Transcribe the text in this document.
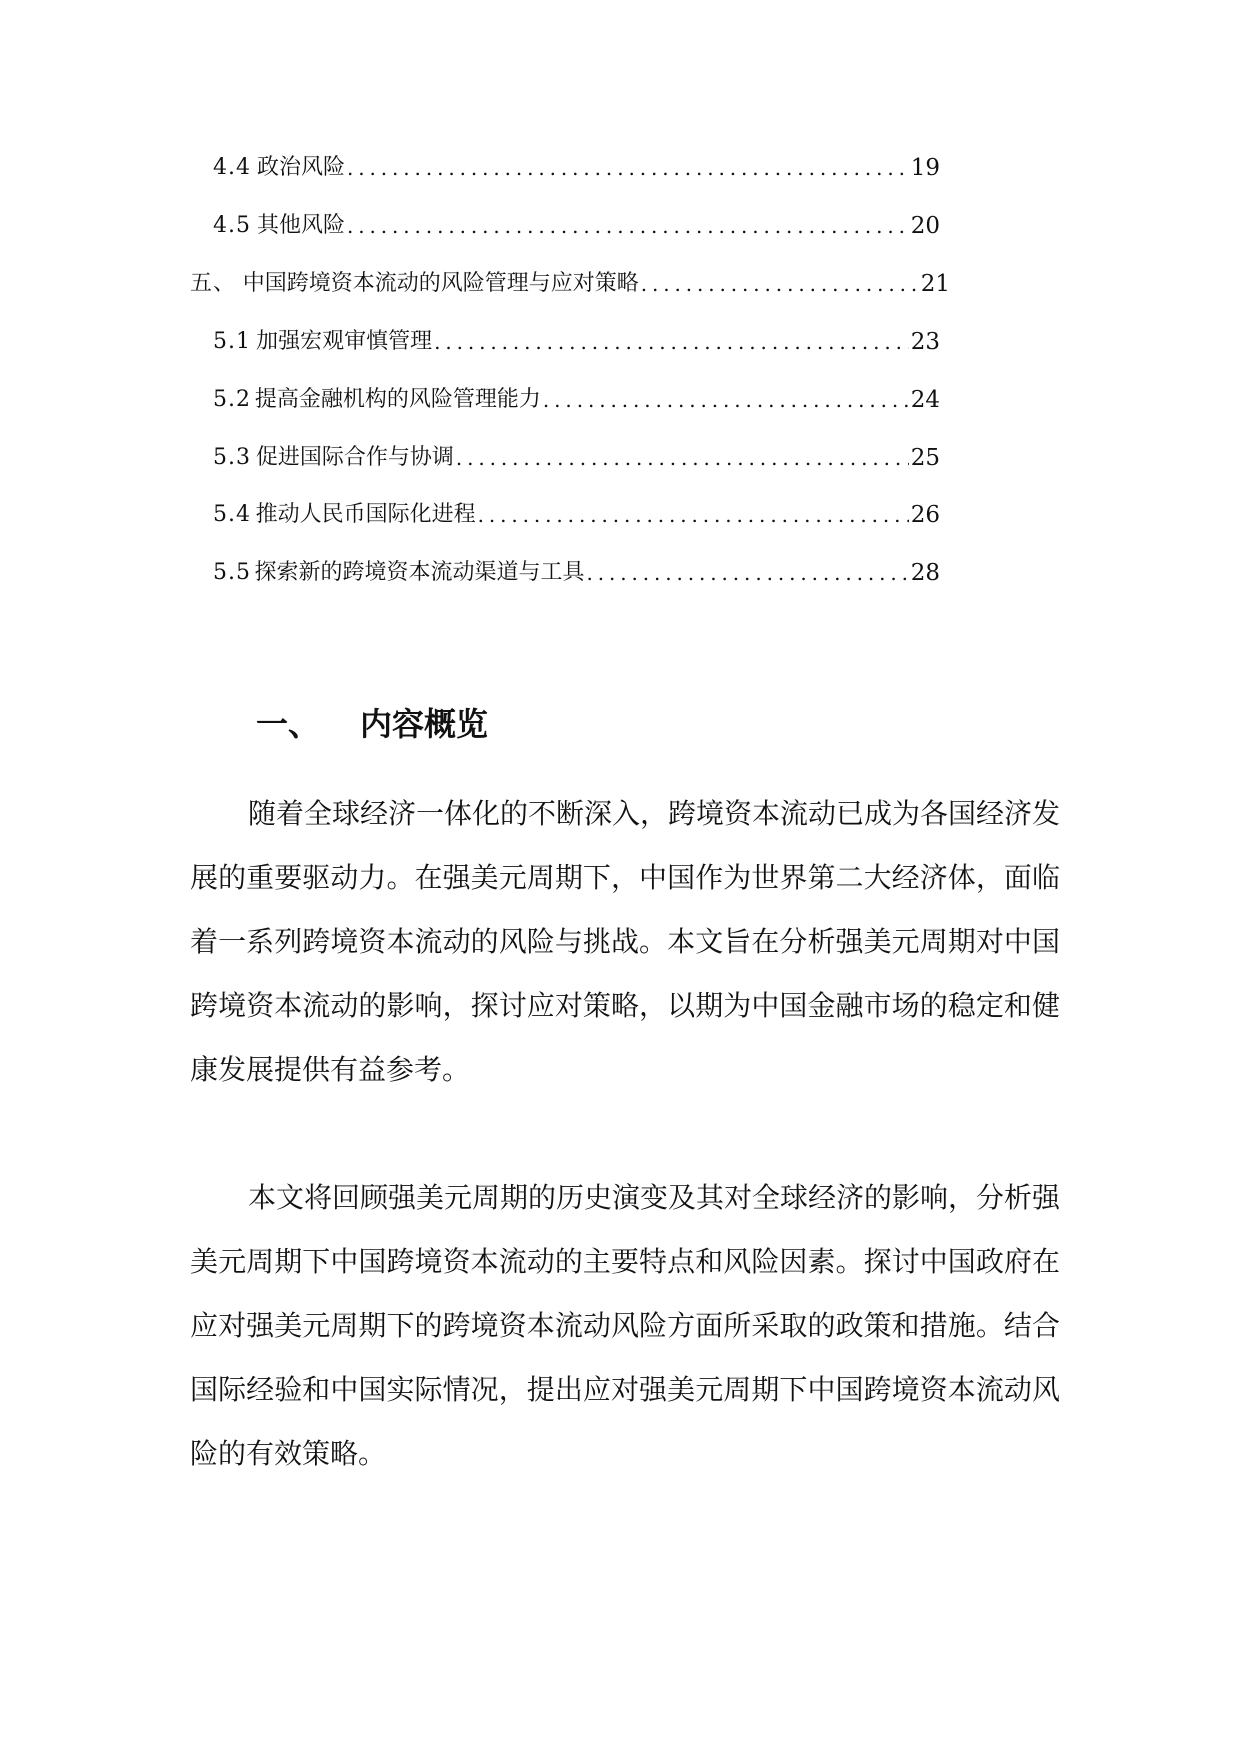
4.4 政治风险 .....	19
4.5 其他风险 .....	20
五、 中国跨境资本流动的风险管理与应对策略 .....	21
5.1 加强宏观审慎管理 .....	23
5.2 提高金融机构的风险管理能力 .....	24
5.3 促进国际合作与协调 .....	25
5.4 推动人民币国际化进程 .....	26
5.5 探索新的跨境资本流动渠道与工具 .....	28
一、 内容概览

随着全球经济一体化的不断深入，跨境资本流动已成为各国经济发展的重要驱动力。在强美元周期下，中国作为世界第二大经济体，面临着一系列跨境资本流动的风险与挑战。本文旨在分析强美元周期对中国跨境资本流动的影响，探讨应对策略，以期为中国金融市场的稳定和健康发展提供有益参考。

本文将回顾强美元周期的历史演变及其对全球经济的影响，分析强美元周期下中国跨境资本流动的主要特点和风险因素。探讨中国政府在应对强美元周期下的跨境资本流动风险方面所采取的政策和措施。结合国际经验和中国实际情况，提出应对强美元周期下中国跨境资本流动风险的有效策略。
